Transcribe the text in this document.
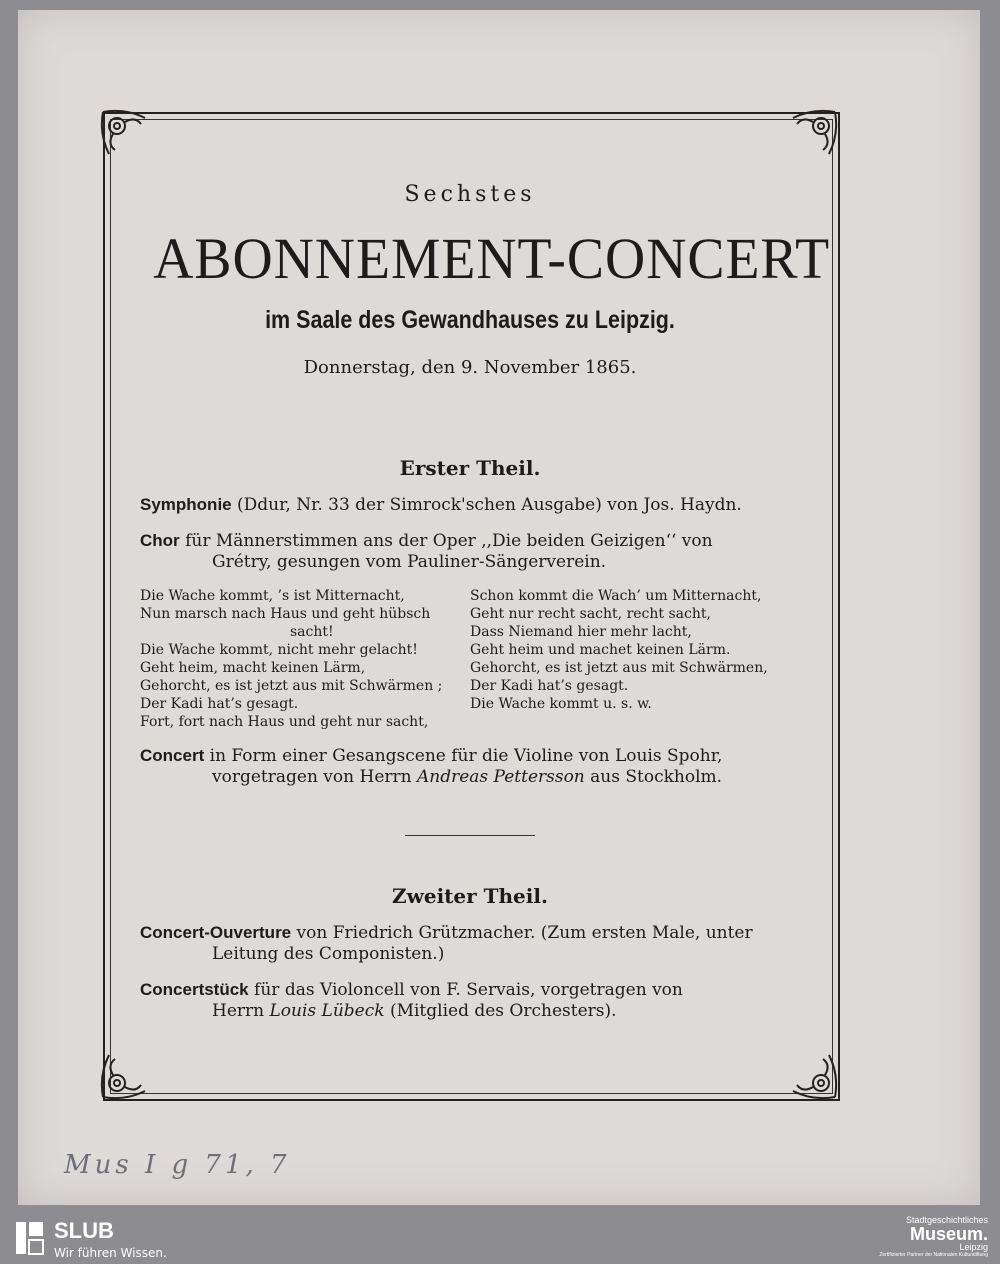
Sechstes
ABONNEMENT-CONCERT
im Saale des Gewandhauses zu Leipzig.
Donnerstag, den 9. November 1865.
Erster Theil.
Symphonie (Ddur, Nr. 33 der Simrock'schen Ausgabe) von Jos. Haydn.
Chor für Männerstimmen ans der Oper ,,Die beiden Geizigen‘‘ von
Grétry, gesungen vom Pauliner-Sängerverein.
Die Wache kommt, ’s ist Mitternacht,
Nun marsch nach Haus und geht hübsch
sacht!
Die Wache kommt, nicht mehr gelacht!
Geht heim, macht keinen Lärm,
Gehorcht, es ist jetzt aus mit Schwärmen ;
Der Kadi hat’s gesagt.
Fort, fort nach Haus und geht nur sacht,
Schon kommt die Wach’ um Mitternacht,
Geht nur recht sacht, recht sacht,
Dass Niemand hier mehr lacht,
Geht heim und machet keinen Lärm.
Gehorcht, es ist jetzt aus mit Schwärmen,
Der Kadi hat’s gesagt.
Die Wache kommt u. s. w.
Concert in Form einer Gesangscene für die Violine von Louis Spohr,
vorgetragen von Herrn Andreas Pettersson aus Stockholm.
Zweiter Theil.
Concert-Ouverture von Friedrich Grützmacher. (Zum ersten Male, unter
Leitung des Componisten.)
Concertstück für das Violoncell von F. Servais, vorgetragen von
Herrn Louis Lübeck (Mitglied des Orchesters).
Mus I g 71, 7
SLUB
Wir führen Wissen.
Stadtgeschichtliches
Museum.
Leipzig
Zertifizierter Partner der Nationalen Kulturstiftung
